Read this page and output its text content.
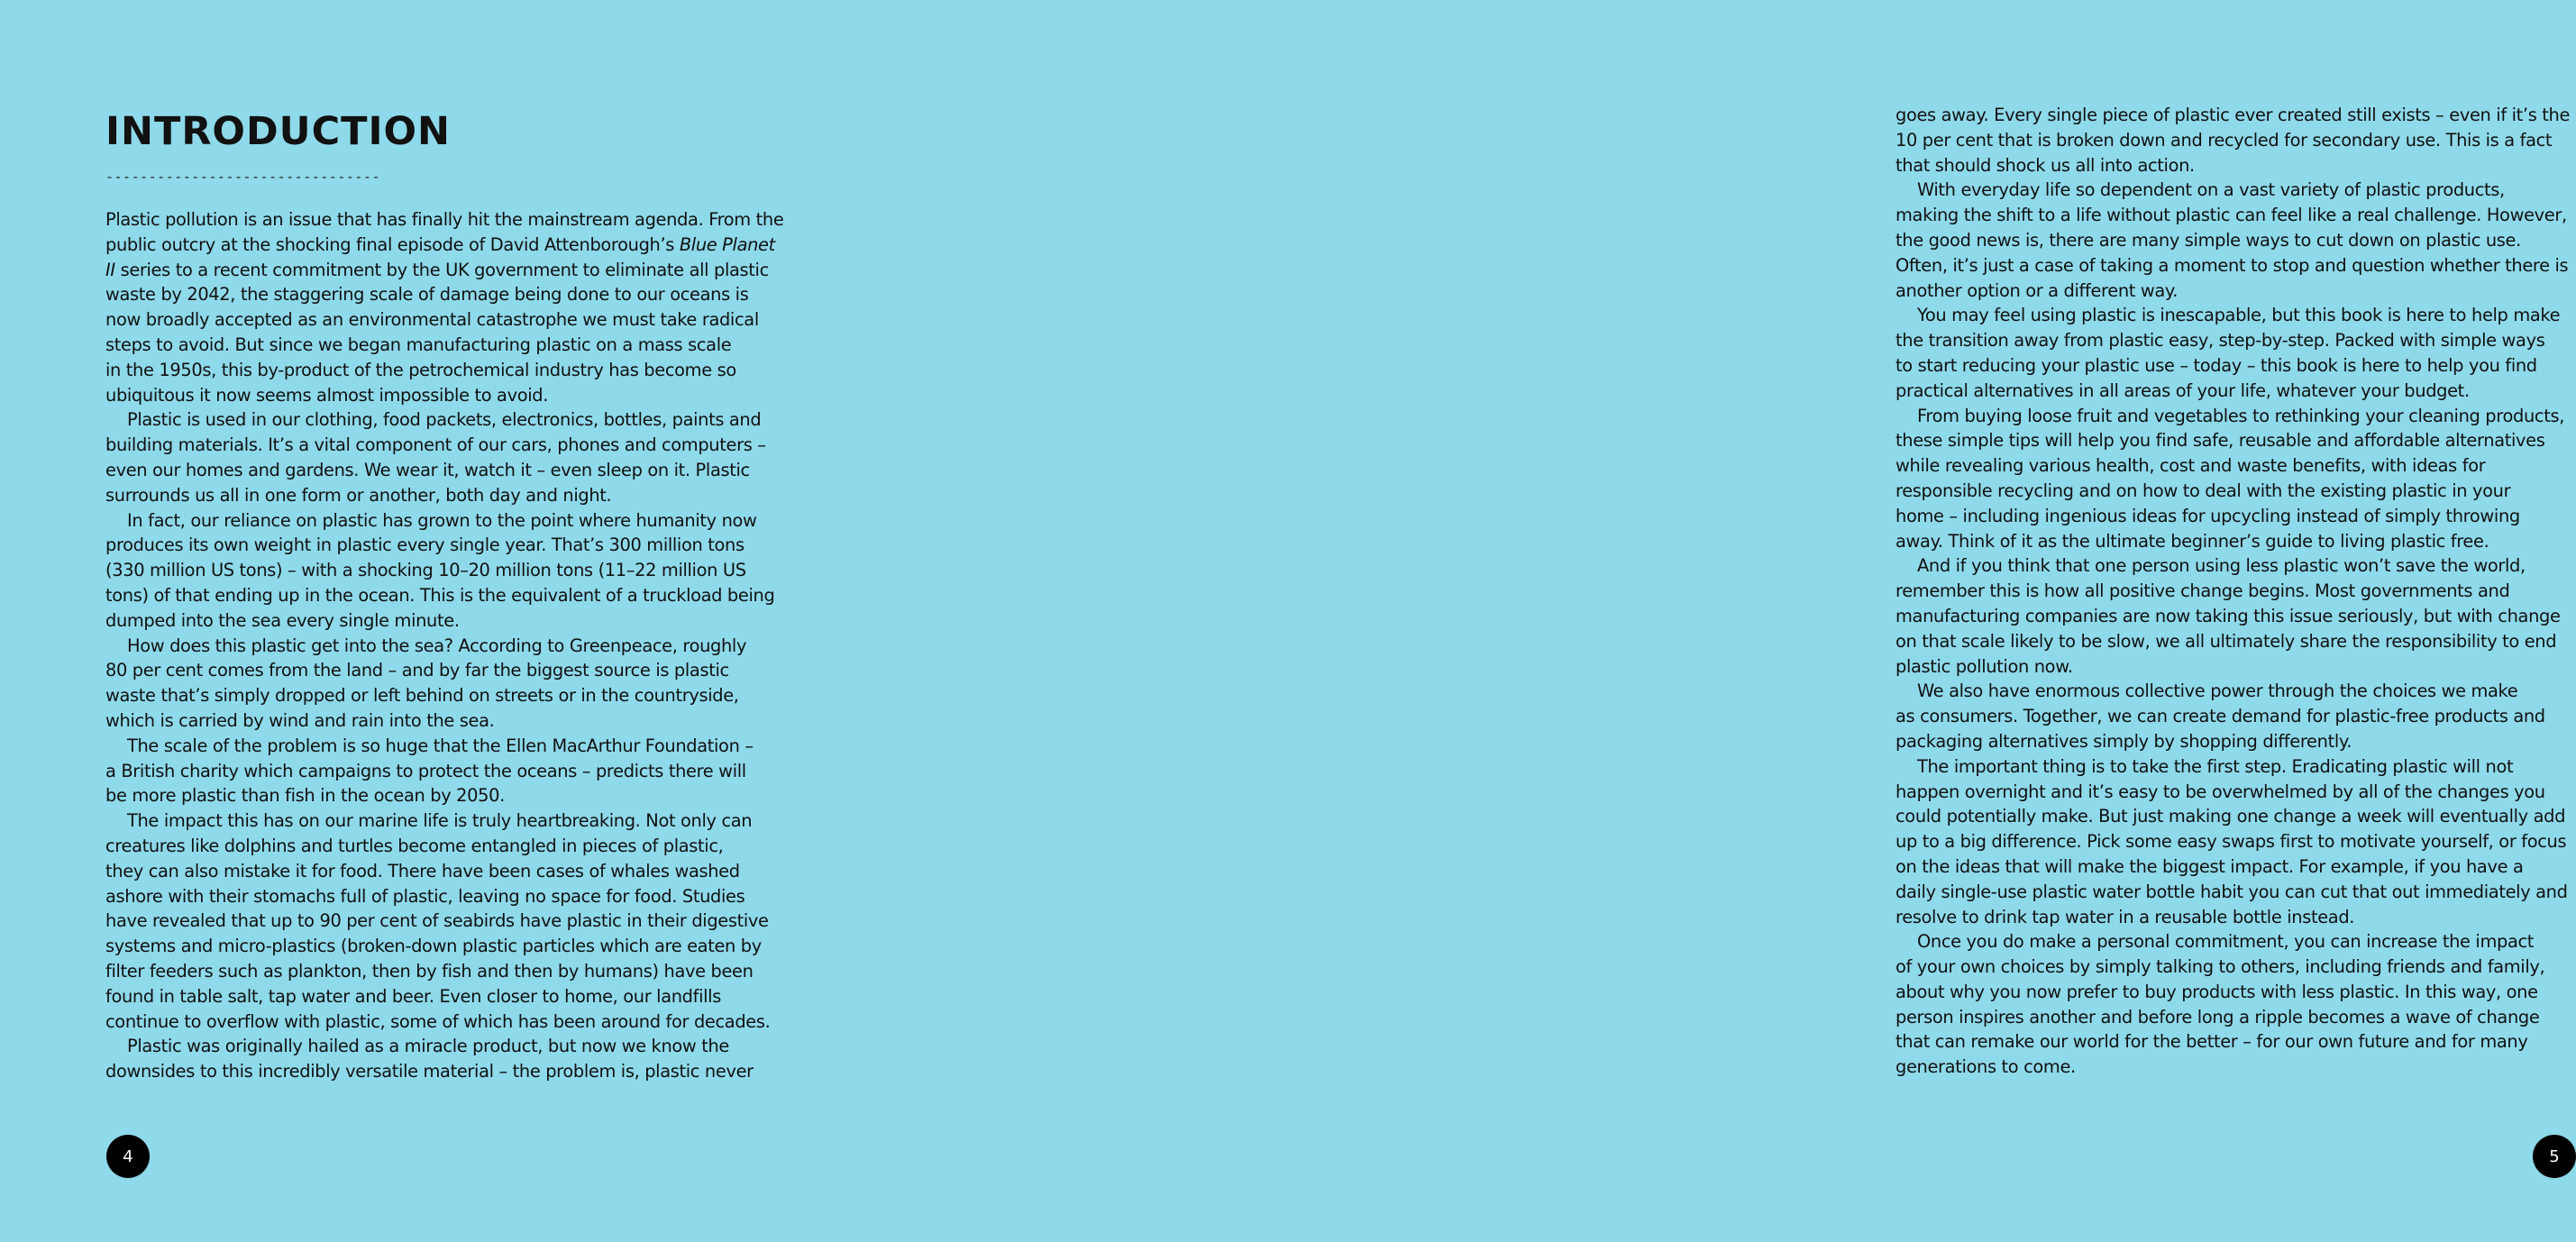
INTRODUCTION
--------------------------------
Plastic pollution is an issue that has finally hit the mainstream agenda. From the
public outcry at the shocking final episode of David Attenborough’s Blue Planet
II series to a recent commitment by the UK government to eliminate all plastic
waste by 2042, the staggering scale of damage being done to our oceans is
now broadly accepted as an environmental catastrophe we must take radical
steps to avoid. But since we began manufacturing plastic on a mass scale
in the 1950s, this by-product of the petrochemical industry has become so
ubiquitous it now seems almost impossible to avoid.
Plastic is used in our clothing, food packets, electronics, bottles, paints and
building materials. It’s a vital component of our cars, phones and computers –
even our homes and gardens. We wear it, watch it – even sleep on it. Plastic
surrounds us all in one form or another, both day and night.
In fact, our reliance on plastic has grown to the point where humanity now
produces its own weight in plastic every single year. That’s 300 million tons
(330 million US tons) – with a shocking 10–20 million tons (11–22 million US
tons) of that ending up in the ocean. This is the equivalent of a truckload being
dumped into the sea every single minute.
How does this plastic get into the sea? According to Greenpeace, roughly
80 per cent comes from the land – and by far the biggest source is plastic
waste that’s simply dropped or left behind on streets or in the countryside,
which is carried by wind and rain into the sea.
The scale of the problem is so huge that the Ellen MacArthur Foundation –
a British charity which campaigns to protect the oceans – predicts there will
be more plastic than fish in the ocean by 2050.
The impact this has on our marine life is truly heartbreaking. Not only can
creatures like dolphins and turtles become entangled in pieces of plastic,
they can also mistake it for food. There have been cases of whales washed
ashore with their stomachs full of plastic, leaving no space for food. Studies
have revealed that up to 90 per cent of seabirds have plastic in their digestive
systems and micro-plastics (broken-down plastic particles which are eaten by
filter feeders such as plankton, then by fish and then by humans) have been
found in table salt, tap water and beer. Even closer to home, our landfills
continue to overflow with plastic, some of which has been around for decades.
Plastic was originally hailed as a miracle product, but now we know the
downsides to this incredibly versatile material – the problem is, plastic never
4
goes away. Every single piece of plastic ever created still exists – even if it’s the
10 per cent that is broken down and recycled for secondary use. This is a fact
that should shock us all into action.
With everyday life so dependent on a vast variety of plastic products,
making the shift to a life without plastic can feel like a real challenge. However,
the good news is, there are many simple ways to cut down on plastic use.
Often, it’s just a case of taking a moment to stop and question whether there is
another option or a different way.
You may feel using plastic is inescapable, but this book is here to help make
the transition away from plastic easy, step-by-step. Packed with simple ways
to start reducing your plastic use – today – this book is here to help you find
practical alternatives in all areas of your life, whatever your budget.
From buying loose fruit and vegetables to rethinking your cleaning products,
these simple tips will help you find safe, reusable and affordable alternatives
while revealing various health, cost and waste benefits, with ideas for
responsible recycling and on how to deal with the existing plastic in your
home – including ingenious ideas for upcycling instead of simply throwing
away. Think of it as the ultimate beginner’s guide to living plastic free.
And if you think that one person using less plastic won’t save the world,
remember this is how all positive change begins. Most governments and
manufacturing companies are now taking this issue seriously, but with change
on that scale likely to be slow, we all ultimately share the responsibility to end
plastic pollution now.
We also have enormous collective power through the choices we make
as consumers. Together, we can create demand for plastic-free products and
packaging alternatives simply by shopping differently.
The important thing is to take the first step. Eradicating plastic will not
happen overnight and it’s easy to be overwhelmed by all of the changes you
could potentially make. But just making one change a week will eventually add
up to a big difference. Pick some easy swaps first to motivate yourself, or focus
on the ideas that will make the biggest impact. For example, if you have a
daily single-use plastic water bottle habit you can cut that out immediately and
resolve to drink tap water in a reusable bottle instead.
Once you do make a personal commitment, you can increase the impact
of your own choices by simply talking to others, including friends and family,
about why you now prefer to buy products with less plastic. In this way, one
person inspires another and before long a ripple becomes a wave of change
that can remake our world for the better – for our own future and for many
generations to come.
5
